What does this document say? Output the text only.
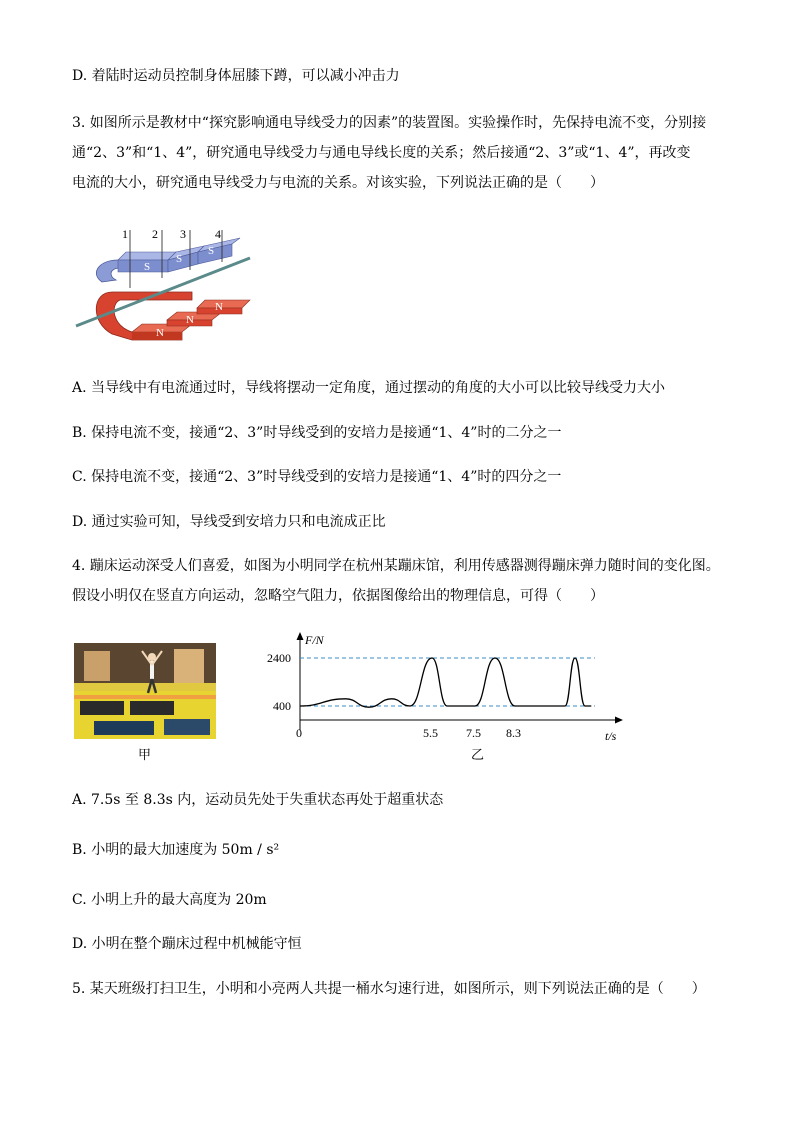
D. 着陆时运动员控制身体屈膝下蹲，可以减小冲击力
3. 如图所示是教材中“探究影响通电导线受力的因素”的装置图。实验操作时，先保持电流不变，分别接
通“2、3”和“1、4”，研究通电导线受力与通电导线长度的关系；然后接通“2、3”或“1、4”，再改变
电流的大小，研究通电导线受力与电流的关系。对该实验，下列说法正确的是（　　）
1 2 3 4
S
S
S
N
N
N
A. 当导线中有电流通过时，导线将摆动一定角度，通过摆动的角度的大小可以比较导线受力大小
B. 保持电流不变，接通“2、3”时导线受到的安培力是接通“1、4”时的二分之一
C. 保持电流不变，接通“2、3”时导线受到的安培力是接通“1、4”时的四分之一
D. 通过实验可知，导线受到安培力只和电流成正比
4. 蹦床运动深受人们喜爱，如图为小明同学在杭州某蹦床馆，利用传感器测得蹦床弹力随时间的变化图。
假设小明仅在竖直方向运动，忽略空气阻力，依据图像给出的物理信息，可得（　　）
甲
F/N
2400
400
0	5.5 7.5 8.3	t/s
乙
A. 7.5s 至 8.3s 内，运动员先处于失重状态再处于超重状态
B. 小明的最大加速度为 50m / s²
C. 小明上升的最大高度为 20m
D. 小明在整个蹦床过程中机械能守恒
5. 某天班级打扫卫生，小明和小亮两人共提一桶水匀速行进，如图所示，则下列说法正确的是（　　）
